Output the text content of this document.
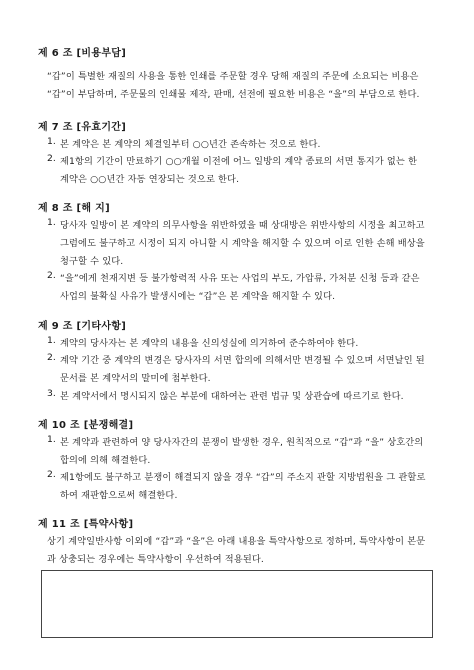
제 6 조 [비용부담]
“갑”이 특별한 재질의 사용을 통한 인쇄를 주문할 경우 당해 재질의 주문에 소요되는 비용은
“갑”이 부담하며, 주문물의 인쇄물 제작, 판매, 선전에 필요한 비용은 “을”의 부담으로 한다.
제 7 조 [유효기간]
1. 본 계약은 본 계약의 체결일부터 ○○년간 존속하는 것으로 한다.
2. 제1항의 기간이 만료하기 ○○개월 이전에 어느 일방의 계약 종료의 서면 통지가 없는 한
계약은 ○○년간 자동 연장되는 것으로 한다.
제 8 조 [해 지]
1. 당사자 일방이 본 계약의 의무사항을 위반하였을 때 상대방은 위반사항의 시정을 최고하고
그럼에도 불구하고 시정이 되지 아니할 시 계약을 해지할 수 있으며 이로 인한 손해 배상을
청구할 수 있다.
2. “을”에게 천재지변 등 불가항력적 사유 또는 사업의 부도, 가압류, 가처분 신청 등과 같은
사업의 불확실 사유가 발생시에는 “갑”은 본 계약을 해지할 수 있다.
제 9 조 [기타사항]
1. 계약의 당사자는 본 계약의 내용을 신의성실에 의거하여 준수하여야 한다.
2. 계약 기간 중 계약의 변경은 당사자의 서면 합의에 의해서만 변경될 수 있으며 서면날인 된
문서를 본 계약서의 말미에 첨부한다.
3. 본 계약서에서 명시되지 않은 부분에 대하여는 관련 법규 및 상관습에 따르기로 한다.
제 10 조 [분쟁해결]
1. 본 계약과 관련하여 양 당사자간의 분쟁이 발생한 경우, 원칙적으로 “갑”과 “을” 상호간의
합의에 의해 해결한다.
2. 제1항에도 불구하고 분쟁이 해결되지 않을 경우 “갑”의 주소지 관할 지방법원을 그 관할로
하여 재판함으로써 해결한다.
제 11 조 [특약사항]
상기 계약일반사항 이외에 “갑”과 “을”은 아래 내용을 특약사항으로 정하며, 특약사항이 본문
과 상충되는 경우에는 특약사항이 우선하여 적용된다.
